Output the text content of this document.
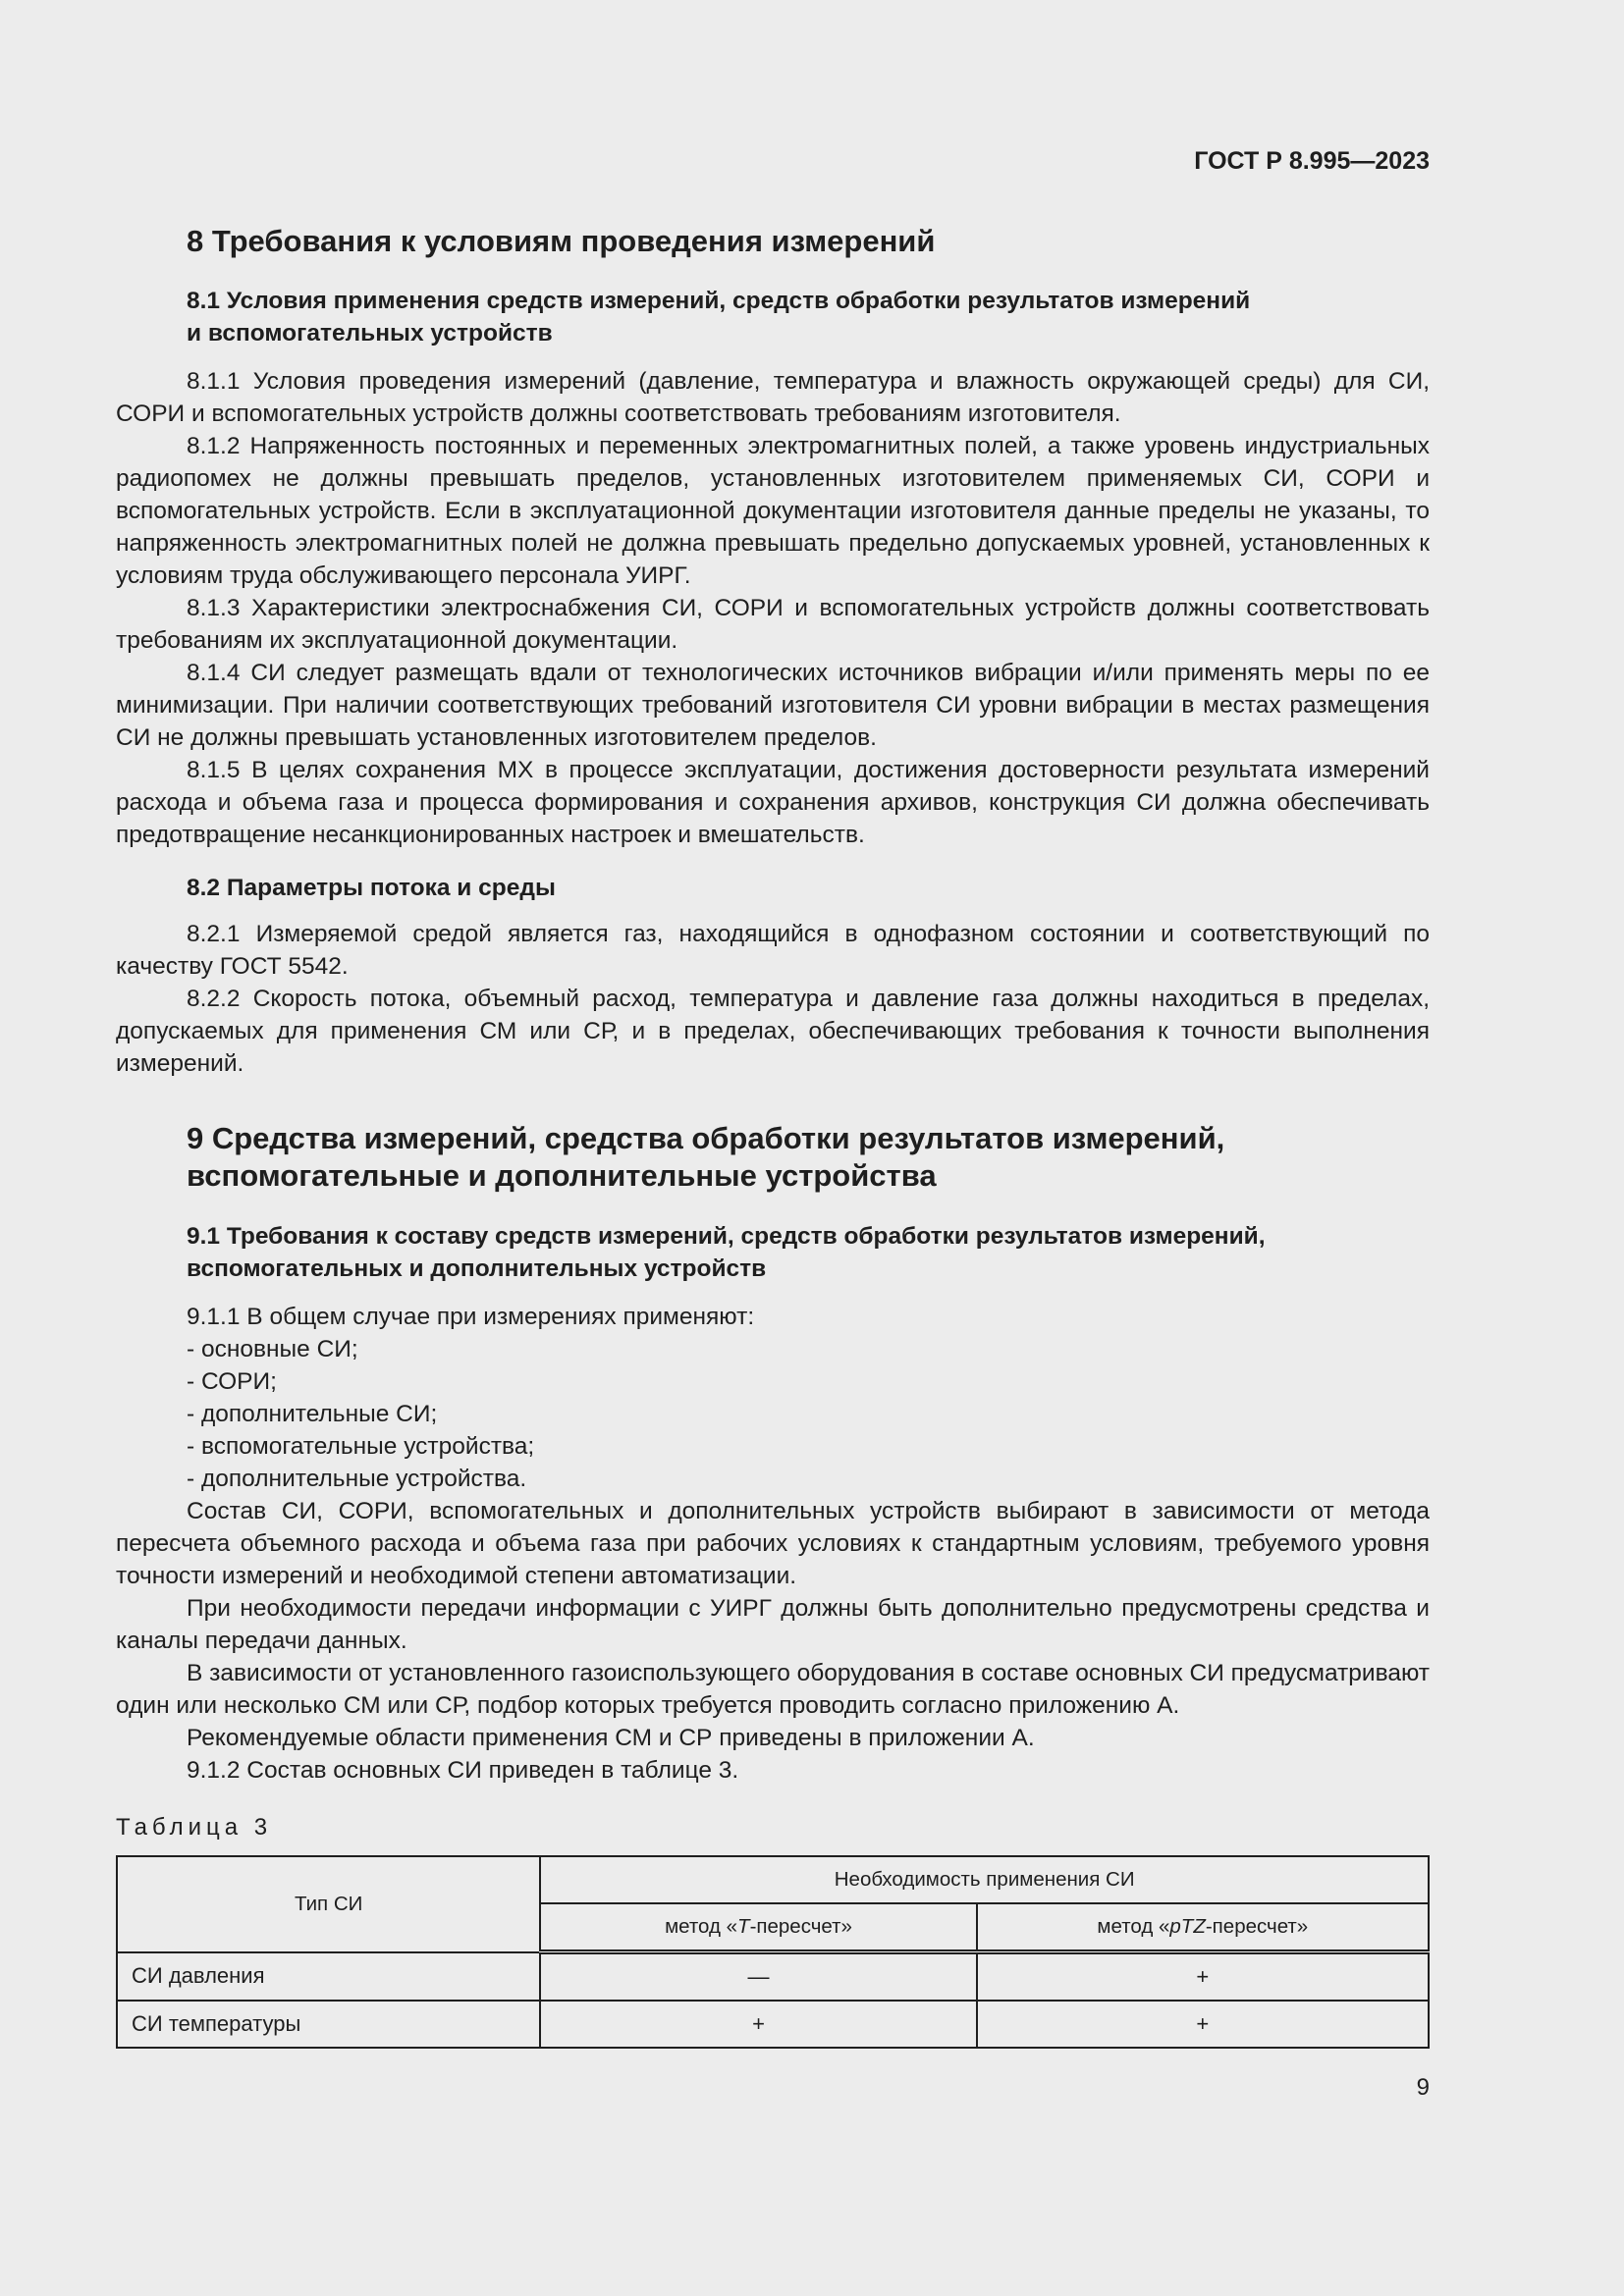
ГОСТ Р 8.995—2023
8 Требования к условиям проведения измерений
8.1 Условия применения средств измерений, средств обработки результатов измерений
и вспомогательных устройств

8.1.1 Условия проведения измерений (давление, температура и влажность окружающей среды) для СИ, СОРИ и вспомогательных устройств должны соответствовать требованиям изготовителя.

8.1.2 Напряженность постоянных и переменных электромагнитных полей, а также уровень индустриальных радиопомех не должны превышать пределов, установленных изготовителем применяемых СИ, СОРИ и вспомогательных устройств. Если в эксплуатационной документации изготовителя данные пределы не указаны, то напряженность электромагнитных полей не должна превышать предельно допускаемых уровней, установленных к условиям труда обслуживающего персонала УИРГ.

8.1.3 Характеристики электроснабжения СИ, СОРИ и вспомогательных устройств должны соответствовать требованиям их эксплуатационной документации.

8.1.4 СИ следует размещать вдали от технологических источников вибрации и/или применять меры по ее минимизации. При наличии соответствующих требований изготовителя СИ уровни вибрации в местах размещения СИ не должны превышать установленных изготовителем пределов.

8.1.5 В целях сохранения МХ в процессе эксплуатации, достижения достоверности результата измерений расхода и объема газа и процесса формирования и сохранения архивов, конструкция СИ должна обеспечивать предотвращение несанкционированных настроек и вмешательств.

8.2 Параметры потока и среды

8.2.1 Измеряемой средой является газ, находящийся в однофазном состоянии и соответствующий по качеству ГОСТ 5542.

8.2.2 Скорость потока, объемный расход, температура и давление газа должны находиться в пределах, допускаемых для применения СМ или СР, и в пределах, обеспечивающих требования к точности выполнения измерений.

9 Средства измерений, средства обработки результатов измерений,
вспомогательные и дополнительные устройства
9.1 Требования к составу средств измерений, средств обработки результатов измерений,
вспомогательных и дополнительных устройств

9.1.1 В общем случае при измерениях применяют:

- основные СИ;

- СОРИ;

- дополнительные СИ;

- вспомогательные устройства;

- дополнительные устройства.

Состав СИ, СОРИ, вспомогательных и дополнительных устройств выбирают в зависимости от метода пересчета объемного расхода и объема газа при рабочих условиях к стандартным условиям, требуемого уровня точности измерений и необходимой степени автоматизации.

При необходимости передачи информации с УИРГ должны быть дополнительно предусмотрены средства и каналы передачи данных.

В зависимости от установленного газоиспользующего оборудования в составе основных СИ предусматривают один или несколько СМ или СР, подбор которых требуется проводить согласно приложению А.

Рекомендуемые области применения СМ и СР приведены в приложении А.

9.1.2 Состав основных СИ приведен в таблице 3.

Таблица 3
Тип СИ	Необходимость применения СИ	
	метод «T-пересчет»	метод «pTZ-пересчет»
СИ давления	—	+
СИ температуры	+	+
9
